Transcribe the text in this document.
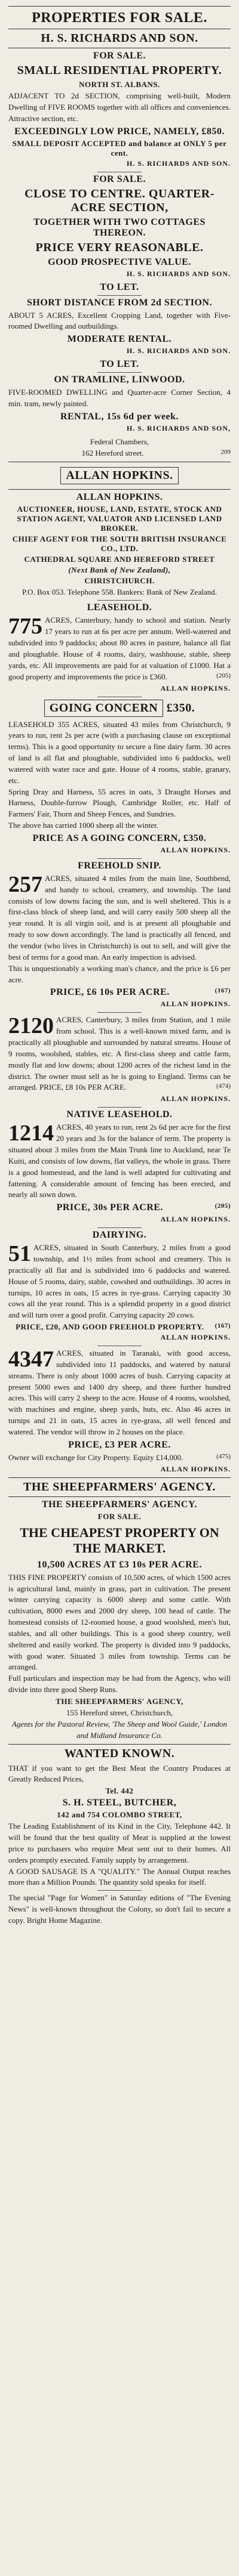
PROPERTIES FOR SALE.
H. S. RICHARDS AND SON.
FOR SALE.
SMALL RESIDENTIAL PROPERTY.
NORTH ST. ALBANS.
ADJACENT TO 2d SECTION, comprising well-built, Modern Dwelling of FIVE ROOMS together with all offices and conveniences. Attractive section, etc.
EXCEEDINGLY LOW PRICE, NAMELY, £850.
SMALL DEPOSIT ACCEPTED and balance at ONLY 5 per cent.
H. S. RICHARDS AND SON.
FOR SALE.
CLOSE TO CENTRE. QUARTER-ACRE SECTION,
TOGETHER WITH TWO COTTAGES THEREON.
PRICE VERY REASONABLE.
GOOD PROSPECTIVE VALUE.
H. S. RICHARDS AND SON.
TO LET.
SHORT DISTANCE FROM 2d SECTION.
ABOUT 5 ACRES, Excellent Cropping Land, together with Five-roomed Dwelling and outbuildings.
MODERATE RENTAL.
H. S. RICHARDS AND SON.
TO LET.
ON TRAMLINE, LINWOOD.
FIVE-ROOMED DWELLING and Quarter-acre Corner Section, 4 min. tram, newly painted.
RENTAL, 15s 6d per week.
H. S. RICHARDS AND SON,
Federal Chambers,
162 Hereford street.	209
ALLAN HOPKINS.
ALLAN HOPKINS.
AUCTIONEER, HOUSE, LAND, ESTATE, STOCK AND STATION AGENT, VALUATOR AND LICENSED LAND BROKER.
CHIEF AGENT FOR THE SOUTH BRITISH INSURANCE CO., LTD.
CATHEDRAL SQUARE AND HEREFORD STREET
(Next Bank of New Zealand),
CHRISTCHURCH.
P.O. Box 053. Telephone 558. Bankers: Bank of New Zealand.
LEASEHOLD.
775 ACRES, Canterbury, handy to school and station. Nearly 17 years to run at 6s per acre per annum. Well-watered and subdivided into 9 paddocks; about 80 acres in pasture, balance all flat and ploughable. House of 4 rooms, dairy, washhouse, stable, sheep yards, etc. All improvements are paid for at valuation of £1000. Hat a good property and improvements the price is £360.	(205)
ALLAN HOPKINS.
GOING CONCERN £350.
LEASEHOLD 355 ACRES, situated 43 miles from Christchurch, 9 years to run, rent 2s per acre (with a purchasing clause on exceptional terms). This is a good opportunity to secure a fine dairy farm. 30 acres of land is all flat and ploughable, subdivided into 6 paddocks, well watered with water race and gate. House of 4 rooms, stable, granary, etc.
Spring Dray and Harness, 55 acres in oats, 3 Draught Horses and Harness, Double-furrow Plough, Cambridge Roller, etc. Half of Farmers' Fair, Thorn and Sheep Fences, and Sundries.
The above has carried 1000 sheep all the winter.
PRICE AS A GOING CONCERN, £350.
ALLAN HOPKINS.
FREEHOLD SNIP.
257 ACRES, situated 4 miles from the main line, Southbend, and handy to school, creamery, and township. The land consists of low downs facing the sun, and is well sheltered. This is a first-class block of sheep land, and will carry easily 500 sheep all the year round. It is all virgin soil, and is at present all ploughable and ready to sow down accordingly. The land is practically all fenced, and the vendor (who lives in Christchurch) is out to sell, and will give the best of terms for a good man. An early inspection is advised.
This is unquestionably a working man's chance, and the price is £6 per acre.
PRICE, £6 10s PER ACRE.	(167)
ALLAN HOPKINS.
2120 ACRES, Canterbury, 3 miles from Station, and 1 mile from school. This is a well-known mixed farm, and is practically all ploughable and surrounded by natural streams. House of 9 rooms, woolshed, stables, etc. A first-class sheep and cattle farm, mostly flat and low downs; about 1200 acres of the richest land in the district. The owner must sell as he is going to England. Terms can be arranged. PRICE, £8 10s PER ACRE.	(474)
ALLAN HOPKINS.
NATIVE LEASEHOLD.
1214 ACRES, 40 years to run, rent 2s 6d per acre for the first 20 years and 3s for the balance of term. The property is situated about 3 miles from the Main Trunk line to Auckland, near Te Kuiti, and consists of low downs, flat valleys, the whole in grass. There is a good homestead, and the land is well adapted for cultivating and fattening. A considerable amount of fencing has been erected, and nearly all sown down.
PRICE, 30s PER ACRE.	(205)
ALLAN HOPKINS.
DAIRYING.
51 ACRES, situated in South Canterbury, 2 miles from a good township, and 1½ miles from school and creamery. This is practically all flat and is subdivided into 6 paddocks and watered. House of 5 rooms, dairy, stable, cowshed and outbuildings. 30 acres in turnips, 10 acres in oats, 15 acres in rye-grass. Carrying capacity 30 cows all the year round. This is a splendid property in a good district and will turn over a good profit. Carrying capacity 20 cows.
PRICE, £20, AND GOOD FREEHOLD PROPERTY. (167)
ALLAN HOPKINS.
4347 ACRES, situated in Taranaki, with good access, subdivided into 11 paddocks, and watered by natural streams. There is only about 1000 acres of bush. Carrying capacity at present 5000 ewes and 1400 dry sheep, and three further hundred acres. This will carry 2 sheep to the acre. House of 4 rooms, woolshed, with machines and engine, sheep yards, huts, etc. Also 46 acres in turnips and 21 in oats, 15 acres in rye-grass, all well fenced and watered. The vendor will throw in 2 houses on the place.
PRICE, £3 PER ACRE.
Owner will exchange for City Property. Equity £14,000.	(475)
ALLAN HOPKINS.
THE SHEEPFARMERS' AGENCY.
THE SHEEPFARMERS' AGENCY.
FOR SALE.
THE CHEAPEST PROPERTY ON THE MARKET.
10,500 ACRES AT £3 10s PER ACRE.
THIS FINE PROPERTY consists of 10,500 acres, of which 1500 acres is agricultural land, mainly in grass, part in cultivation. The present winter carrying capacity is 6000 sheep and some cattle. With cultivation, 8000 ewes and 2000 dry sheep, 100 head of cattle. The homestead consists of 12-roomed house, a good woolshed, men's hut, stables, and all other buildings. This is a good sheep country, well sheltered and easily worked. The property is divided into 9 paddocks, with good water. Situated 3 miles from township. Terms can be arranged.
Full particulars and inspection may be had from the Agency, who will divide into three good Sheep Runs.
THE SHEEPFARMERS' AGENCY,
155 Hereford street, Christchurch,
Agents for the Pastoral Review, 'The Sheep and Wool Guide,' London and Midland Insurance Co.
WANTED KNOWN.
THAT if you want to get the Best Meat the Country Produces at Greatly Reduced Prices,
Tel. 442
S. H. STEEL, BUTCHER,
142 and 754 COLOMBO STREET,
The Leading Establishment of its Kind in the City, Telephone 442. It will be found that the best quality of Meat is supplied at the lowest price to purchasers who require Meat sent out to their homes. All orders promptly executed. Family supply by arrangement.
A GOOD SAUSAGE IS A "QUALITY." The Annual Output reaches more than a Million Pounds. The quantity sold speaks for itself.
The special "Page for Women" in Saturday editions of "The Evening News" is well-known throughout the Colony, so don't fail to secure a copy. Bright Home Magazine.
